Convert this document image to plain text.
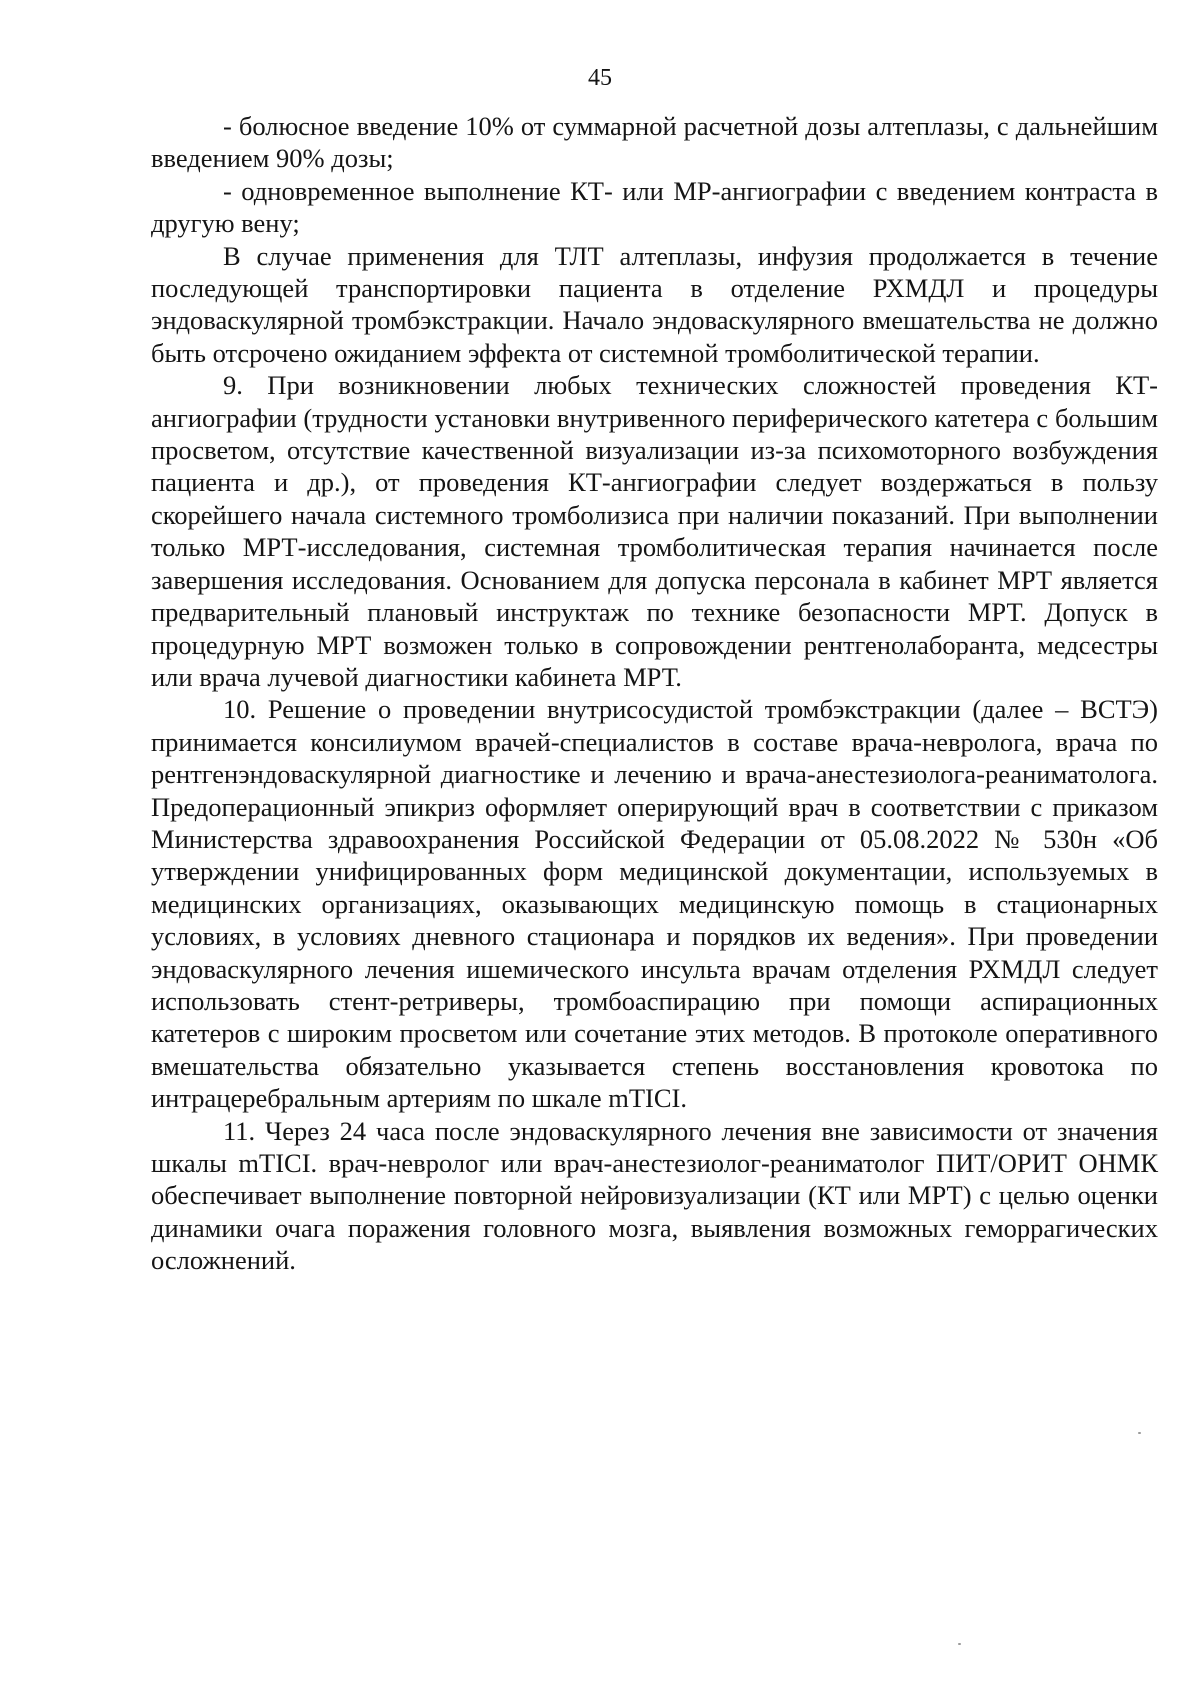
45

- болюсное введение 10% от суммарной расчетной дозы алтеплазы, с дальнейшим введением 90% дозы;

- одновременное выполнение КТ- или МР-ангиографии с введением контраста в другую вену;

В случае применения для ТЛТ алтеплазы, инфузия продолжается в течение последующей транспортировки пациента в отделение РХМДЛ и процедуры эндоваскулярной тромбэкстракции. Начало эндоваскулярного вмешательства не должно быть отсрочено ожиданием эффекта от системной тромболитической терапии.

9. При возникновении любых технических сложностей проведения КТ-ангиографии (трудности установки внутривенного периферического катетера с большим просветом, отсутствие качественной визуализации из-за психомоторного возбуждения пациента и др.), от проведения КТ-ангиографии следует воздержаться в пользу скорейшего начала системного тромболизиса при наличии показаний. При выполнении только МРТ-исследования, системная тромболитическая терапия начинается после завершения исследования. Основанием для допуска персонала в кабинет МРТ является предварительный плановый инструктаж по технике безопасности МРТ. Допуск в процедурную МРТ возможен только в сопровождении рентгенолаборанта, медсестры или врача лучевой диагностики кабинета МРТ.

10. Решение о проведении внутрисосудистой тромбэкстракции (далее – ВСТЭ) принимается консилиумом врачей-специалистов в составе врача-невролога, врача по рентгенэндоваскулярной диагностике и лечению и врача-анестезиолога-реаниматолога. Предоперационный эпикриз оформляет оперирующий врач в соответствии с приказом Министерства здравоохранения Российской Федерации от 05.08.2022 № 530н «Об утверждении унифицированных форм медицинской документации, используемых в медицинских организациях, оказывающих медицинскую помощь в стационарных условиях, в условиях дневного стационара и порядков их ведения». При проведении эндоваскулярного лечения ишемического инсульта врачам отделения РХМДЛ следует использовать стент-ретриверы, тромбоаспирацию при помощи аспирационных катетеров с широким просветом или сочетание этих методов. В протоколе оперативного вмешательства обязательно указывается степень восстановления кровотока по интрацеребральным артериям по шкале mTICI.

11. Через 24 часа после эндоваскулярного лечения вне зависимости от значения шкалы mTICI. врач-невролог или врач-анестезиолог-реаниматолог ПИТ/ОРИТ ОНМК обеспечивает выполнение повторной нейровизуализации (КТ или МРТ) с целью оценки динамики очага поражения головного мозга, выявления возможных геморрагических осложнений.
